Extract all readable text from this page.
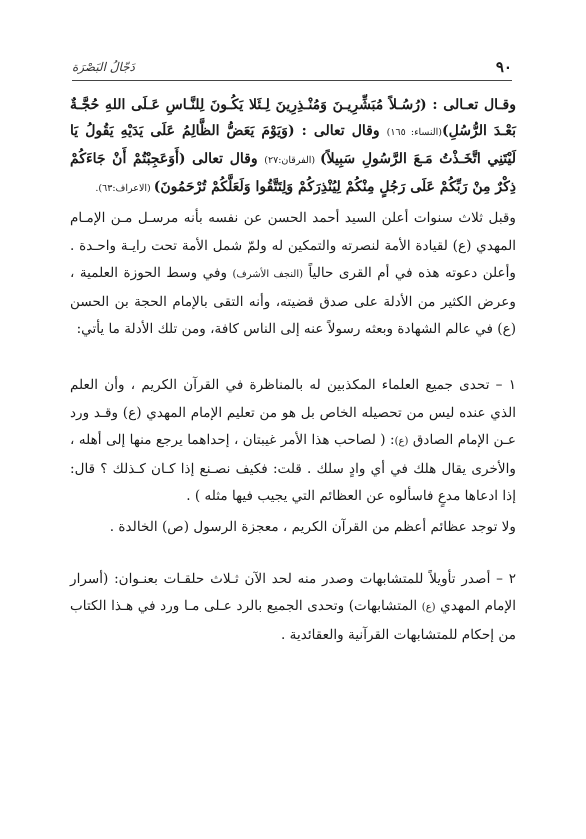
٩٠
دَجّالُ البَصْرَة

وقـال تعـالى : (رُسُـلاً مُبَشِّرِيـنَ وَمُنْـذِرِينَ لِـئَلا يَكُـونَ لِلنَّـاسِ عَـلَى اللهِ حُجَّـةٌ بَعْـدَ الرُّسُلِ)(النساء: ١٦٥) وقال تعالى : (وَيَوْمَ يَعَضُّ الظَّالِمُ عَلَى يَدَيْهِ يَقُولُ يَا لَيْتَنِي اتَّخَـذْتُ مَـعَ الرَّسُولِ سَبِيلاً) (الفرقان:٢٧) وقال تعالى (أَوَعَجِبْتُمْ أَنْ جَاءَكُمْ ذِكْرٌ مِنْ رَبِّكُمْ عَلَى رَجُلٍ مِنْكُمْ لِيُنْذِرَكُمْ وَلِتَتَّقُوا وَلَعَلَّكُمْ تُرْحَمُونَ) (الاعراف:٦٣).

وقبل ثلاث سنوات أعلن السيد أحمد الحسن عن نفسه بأنه مرسـل مـن الإمـام المهدي (ع) لقيادة الأمة لنصرته والتمكين له ولمّ شمل الأمة تحت رايـة واحـدة . وأعلن دعوته هذه في أم القرى حالياً (النجف الأشرف) وفي وسط الحوزة العلمية ، وعرض الكثير من الأدلة على صدق قضيته، وأنه التقى بالإمام الحجة بن الحسن (ع) في عالم الشهادة وبعثه رسولاً عنه إلى الناس كافة، ومن تلك الأدلة ما يأتي:

١ – تحدى جميع العلماء المكذبين له بالمناظرة في القرآن الكريم ، وأن العلم الذي عنده ليس من تحصيله الخاص بل هو من تعليم الإمام المهدي (ع) وقـد ورد عـن الإمام الصادق (ع): ( لصاحب هذا الأمر غيبتان ، إحداهما يرجع منها إلى أهله ، والأخرى يقال هلك في أي وادٍ سلك . قلت: فكيف نصـنع إذا كـان كـذلك ؟ قال: إذا ادعاها مدعٍ فاسألوه عن العظائم التي يجيب فيها مثله ) .

ولا توجد عظائم أعظم من القرآن الكريم ، معجزة الرسول (ص) الخالدة .

٢ – أصدر تأويلاً للمتشابهات وصدر منه لحد الآن ثـلاث حلقـات بعنـوان: (أسرار الإمام المهدي (ع) المتشابهات) وتحدى الجميع بالرد عـلى مـا ورد في هـذا الكتاب من إحكام للمتشابهات القرآنية والعقائدية .
